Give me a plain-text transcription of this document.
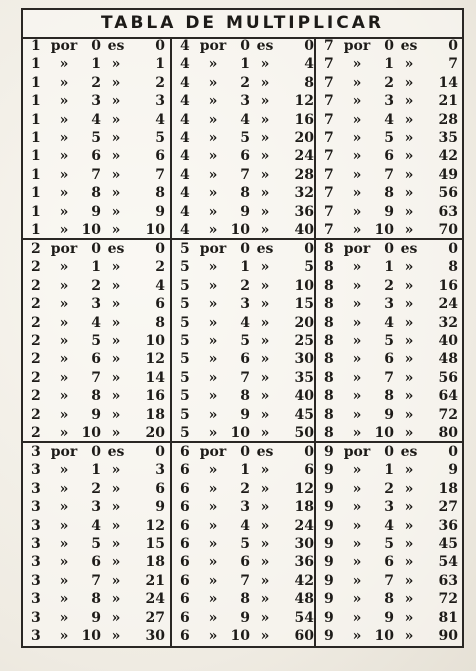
TABLA DE MULTIPLICAR
1 por	0 es	0
1	»	1 »	1
1	»	2 »	2
1	»	3 »	3
1	»	4 »	4
1	»	5 »	5
1	»	6 »	6
1	»	7 »	7
1	»	8 »	8
1	»	9 »	9
1	» 10 »	10
4 por	0 es	0
4	»	1 »	4
4	»	2 »	8
4	»	3 »	12
4	»	4 »	16
4	»	5 »	20
4	»	6 »	24
4	»	7 »	28
4	»	8 »	32
4	»	9 »	36
4	» 10 »	40
7 por	0 es	0
7	»	1 »	7
7	»	2 »	14
7	»	3 »	21
7	»	4 »	28
7	»	5 »	35
7	»	6 »	42
7	»	7 »	49
7	»	8 »	56
7	»	9 »	63
7	» 10 »	70
2 por	0 es	0
2	»	1 »	2
2	»	2 »	4
2	»	3 »	6
2	»	4 »	8
2	»	5 »	10
2	»	6 »	12
2	»	7 »	14
2	»	8 »	16
2	»	9 »	18
2	» 10 »	20
5 por	0 es	0
5	»	1 »	5
5	»	2 »	10
5	»	3 »	15
5	»	4 »	20
5	»	5 »	25
5	»	6 »	30
5	»	7 »	35
5	»	8 »	40
5	»	9 »	45
5	» 10 »	50
8 por	0 es	0
8	»	1 »	8
8	»	2 »	16
8	»	3 »	24
8	»	4 »	32
8	»	5 »	40
8	»	6 »	48
8	»	7 »	56
8	»	8 »	64
8	»	9 »	72
8	» 10 »	80
3 por	0 es	0
3	»	1 »	3
3	»	2 »	6
3	»	3 »	9
3	»	4 »	12
3	»	5 »	15
3	»	6 »	18
3	»	7 »	21
3	»	8 »	24
3	»	9 »	27
3	» 10 »	30
6 por	0 es	0
6	»	1 »	6
6	»	2 »	12
6	»	3 »	18
6	»	4 »	24
6	»	5 »	30
6	»	6 »	36
6	»	7 »	42
6	»	8 »	48
6	»	9 »	54
6	» 10 »	60
9 por	0 es	0
9	»	1 »	9
9	»	2 »	18
9	»	3 »	27
9	»	4 »	36
9	»	5 »	45
9	»	6 »	54
9	»	7 »	63
9	»	8 »	72
9	»	9 »	81
9	» 10 »	90
